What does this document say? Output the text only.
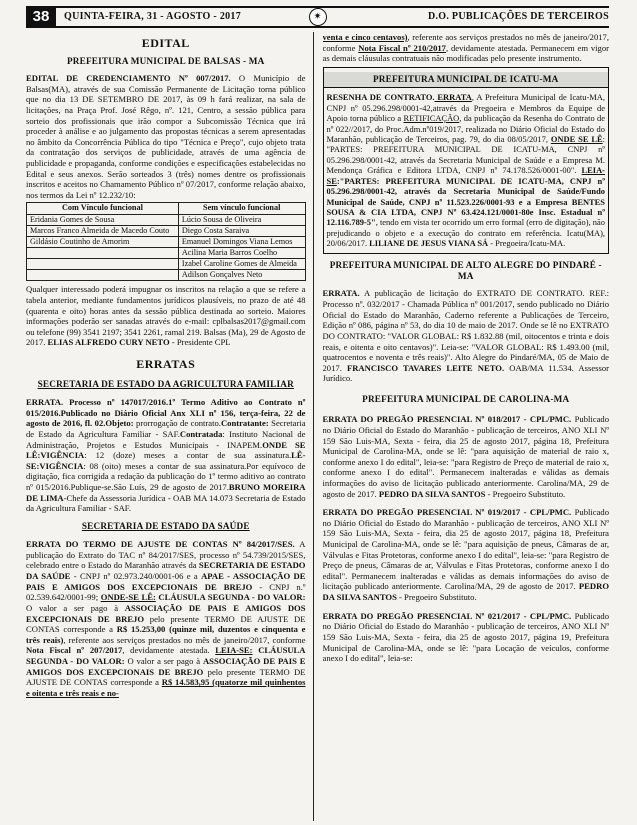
38	QUINTA-FEIRA, 31 - AGOSTO - 2017	✷	D.O. PUBLICAÇÕES DE TERCEIROS
EDITAL
PREFEITURA MUNICIPAL DE BALSAS - MA

EDITAL DE CREDENCIAMENTO Nº 007/2017. O Município de Balsas(MA), através de sua Comissão Permanente de Licitação torna público que no dia 13 DE SETEMBRO DE 2017, às 09 h fará realizar, na sala de licitações, na Praça Prof. José Rêgo, nº. 121, Centro, a sessão pública para sorteio dos profissionais que irão compor a Subcomissão Técnica que irá proceder à análise e ao julgamento das propostas técnicas a serem apresentadas no âmbito da Concorrência Pública do tipo "Técnica e Preço", cujo objeto trata da contratação dos serviços de publicidade, através de uma agência de publicidade e propaganda, conforme condições e especificações estabelecidas no Edital e seus anexos. Serão sorteados 3 (três) nomes dentre os profissionais inscritos e aceitos no Chamamento Público nº 07/2017, conforme relação abaixo, nos termos da Lei nº 12.232/10:

Com Vínculo funcional	Sem vínculo funcional
Eridania Gomes de Sousa	Lúcio Sousa de Oliveira
Marcos Franco Almeida de Macedo Couto	Diego Costa Saraiva
Gildásio Coutinho de Amorim	Emanuel Domingos Viana Lemos
	Acilina Maria Barros Coelho
	Izabel Caroline Gomes de Almeida
	Adilson Gonçalves Neto

Qualquer interessado poderá impugnar os inscritos na relação a que se refere a tabela anterior, mediante fundamentos jurídicos plausíveis, no prazo de até 48 (quarenta e oito) horas antes da sessão pública destinada ao sorteio. Maiores informações poderão ser sanadas através do e-mail: cplbalsas2017@gmail.com ou telefone (99) 3541 2197; 3541 2261, ramal 219. Balsas (Ma), 29 de Agosto de 2017. ELIAS ALFREDO CURY NETO - Presidente CPL

ERRATAS
SECRETARIA DE ESTADO DA AGRICULTURA FAMILIAR

ERRATA. Processo nº 147017/2016.1º Termo Aditivo ao Contrato nº 015/2016.Publicado no Diário Oficial Anx XLI nº 156, terça-feira, 22 de agosto de 2016, fl. 02.Objeto: prorrogação de contrato.Contratante: Secretaria de Estado da Agricultura Familiar - SAF.Contratada: Instituto Nacional de Administração, Projetos e Estudos Municipais - INAPEM.ONDE SE LÊ:VIGÊNCIA: 12 (doze) meses a contar de sua assinatura.LÊ-SE:VIGÊNCIA: 08 (oito) meses a contar de sua assinatura.Por equívoco de digitação, fica corrigida a redação da publicação do 1º termo aditivo ao contrato nº 015/2016.Publique-se.São Luís, 29 de agosto de 2017.BRUNO MOREIRA DE LIMA-Chefe da Assessoria Jurídica - OAB MA 14.073 Secretaria de Estado da Agricultura Familiar - SAF.

SECRETARIA DE ESTADO DA SAÚDE

ERRATA DO TERMO DE AJUSTE DE CONTAS Nº 84/2017/SES. A publicação do Extrato do TAC nº 84/2017/SES, processo nº 54.739/2015/SES, celebrado entre o Estado do Maranhão através da SECRETARIA DE ESTADO DA SAÚDE - CNPJ nº 02.973.240/0001-06 e a APAE - ASSOCIAÇÃO DE PAIS E AMIGOS DOS EXCEPCIONAIS DE BREJO - CNPJ n.º 02.539.642/0001-99; ONDE-SE LÊ: CLÁUSULA SEGUNDA - DO VALOR: O valor a ser pago à ASSOCIAÇÃO DE PAIS E AMIGOS DOS EXCEPCIONAIS DE BREJO pelo presente TERMO DE AJUSTE DE CONTAS corresponde a R$ 15.253,00 (quinze mil, duzentos e cinquenta e três reais), referente aos serviços prestados no mês de janeiro/2017, conforme Nota Fiscal nº 207/2017, devidamente atestada. LEIA-SE: CLÁUSULA SEGUNDA - DO VALOR: O valor a ser pago à ASSOCIAÇÃO DE PAIS E AMIGOS DOS EXCEPCIONAIS DE BREJO pelo presente TERMO DE AJUSTE DE CONTAS corresponde a R$ 14.583,95 (quatorze mil quinhentos e oitenta e três reais e no-

venta e cinco centavos), referente aos serviços prestados no mês de janeiro/2017, conforme Nota Fiscal nº 210/2017, devidamente atestada. Permanecem em vigor as demais cláusulas contratuais não modificadas pelo presente instrumento.

PREFEITURA MUNICIPAL DE ICATU-MA

RESENHA DE CONTRATO. ERRATA, A Prefeitura Municipal de Icatu-MA, CNPJ nº 05.296.298/0001-42,através da Pregoeira e Membros da Equipe de Apoio torna público a RETIFICAÇÃO, da publicação da Resenha do Contrato de nº 022//2017, do Proc.Adm.nº019/2017, realizada no Diário Oficial do Estado do Maranhão, publicação de Terceiros, pag. 79, do dia 08/05/2017, ONDE SE LÊ: "PARTES: PREFEITURA MUNICIPAL DE ICATU-MA, CNPJ nº 05.296.298/0001-42, através da Secretaria Municipal de Saúde e a Empresa M. Mendonça Gráfica e Editora LTDA, CNPJ nº 74.178.526/0001-00". LEIA-SE:"PARTES: PREFEITURA MUNICIPAL DE ICATU-MA, CNPJ nº 05.296.298/0001-42, através da Secretaria Municipal de Saúde/Fundo Municipal de Saúde, CNPJ nº 11.523.226/0001-93 e a Empresa BENTES SOUSA & CIA LTDA, CNPJ Nº 63.424.121/0001-80e Insc. Estadual nº 12.116.789-5", tendo em vista ter ocorrido um erro formal (erro de digitação), não prejudicando o objeto e a execução do contrato em referência. Icatu(MA), 20/06/2017. LILIANE DE JESUS VIANA SÁ - Pregoeira/Icatu-MA.

PREFEITURA MUNICIPAL DE ALTO ALEGRE DO PINDARÉ - MA

ERRATA. A publicação de licitação do EXTRATO DE CONTRATO. REF.: Processo nº. 032/2017 - Chamada Pública nº 001/2017, sendo publicado no Diário Oficial do Estado do Maranhão, Caderno referente a Publicações de Terceiro, Edição nº 086, página nº 53, do dia 10 de maio de 2017. Onde se lê no EXTRATO DO CONTRATO: "VALOR GLOBAL: R$ 1.832.88 (mil, oitocentos e trinta e dois reais, e oitenta e oito centavos)". Leia-se: "VALOR GLOBAL: R$ 1.493.00 (mil, quatrocentos e noventa e três reais)". Alto Alegre do Pindaré/MA, 05 de Maio de 2017. FRANCISCO TAVARES LEITE NETO. OAB/MA 11.534. Assessor Jurídico.

PREFEITURA MUNICIPAL DE CAROLINA-MA

ERRATA DO PREGÃO PRESENCIAL Nº 018/2017 - CPL/PMC. Publicado no Diário Oficial do Estado do Maranhão - publicação de terceiros, ANO XLI Nº 159 São Luis-MA, Sexta - feira, dia 25 de agosto 2017, página 18, Prefeitura Municipal de Carolina-MA, onde se lê: "para aquisição de material de raio x, conforme anexo I do edital", leia-se: "para Registro de Preço de material de raio x, conforme anexo I do edital". Permanecem inalteradas e válidas as demais informações do aviso de licitação publicado anteriormente. Carolina/MA, 29 de agosto de 2017. PEDRO DA SILVA SANTOS - Pregoeiro Substituto.

ERRATA DO PREGÃO PRESENCIAL Nº 019/2017 - CPL/PMC. Publicado no Diário Oficial do Estado do Maranhão - publicação de terceiros, ANO XLI Nº 159 São Luis-MA, Sexta - feira, dia 25 de agosto 2017, página 18, Prefeitura Municipal de Carolina-MA, onde se lê: "para aquisição de pneus, Câmaras de ar, Válvulas e Fitas Protetoras, conforme anexo I do edital", leia-se: "para Registro de Preço de pneus, Câmaras de ar, Válvulas e Fitas Protetoras, conforme anexo I do edital". Permanecem inalteradas e válidas as demais informações do aviso de licitação publicado anteriormente. Carolina/MA, 29 de agosto de 2017. PEDRO DA SILVA SANTOS - Pregoeiro Substituto.

ERRATA DO PREGÃO PRESENCIAL Nº 021/2017 - CPL/PMC. Publicado no Diário Oficial do Estado do Maranhão - publicação de terceiros, ANO XLI Nº 159 São Luis-MA, Sexta - feira, dia 25 de agosto 2017, página 19, Prefeitura Municipal de Carolina-MA, onde se lê: "para Locação de veículos, conforme anexo I do edital", leia-se:
